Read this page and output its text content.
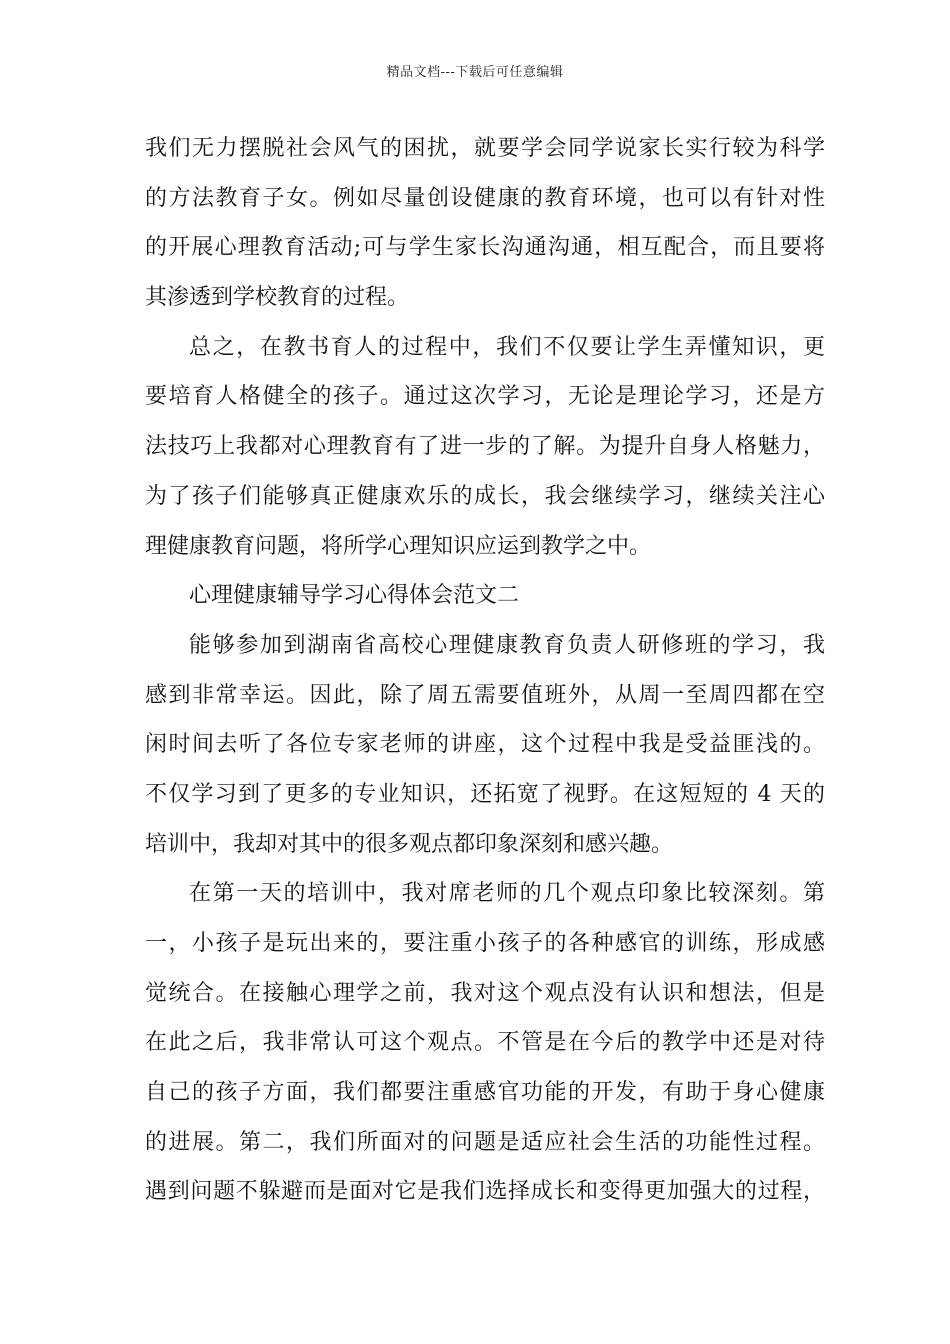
精品文档---下载后可任意编辑
我们无力摆脱社会风气的困扰，就要学会同学说家长实行较为科学
的方法教育子女。例如尽量创设健康的教育环境，也可以有针对性
的开展心理教育活动;可与学生家长沟通沟通，相互配合，而且要将
其渗透到学校教育的过程。
总之，在教书育人的过程中，我们不仅要让学生弄懂知识，更
要培育人格健全的孩子。通过这次学习，无论是理论学习，还是方
法技巧上我都对心理教育有了进一步的了解。为提升自身人格魅力，
为了孩子们能够真正健康欢乐的成长，我会继续学习，继续关注心
理健康教育问题，将所学心理知识应运到教学之中。
心理健康辅导学习心得体会范文二
能够参加到湖南省高校心理健康教育负责人研修班的学习，我
感到非常幸运。因此，除了周五需要值班外，从周一至周四都在空
闲时间去听了各位专家老师的讲座，这个过程中我是受益匪浅的。
不仅学习到了更多的专业知识，还拓宽了视野。在这短短的 4 天的
培训中，我却对其中的很多观点都印象深刻和感兴趣。
在第一天的培训中，我对席老师的几个观点印象比较深刻。第
一，小孩子是玩出来的，要注重小孩子的各种感官的训练，形成感
觉统合。在接触心理学之前，我对这个观点没有认识和想法，但是
在此之后，我非常认可这个观点。不管是在今后的教学中还是对待
自己的孩子方面，我们都要注重感官功能的开发，有助于身心健康
的进展。第二，我们所面对的问题是适应社会生活的功能性过程。
遇到问题不躲避而是面对它是我们选择成长和变得更加强大的过程，
